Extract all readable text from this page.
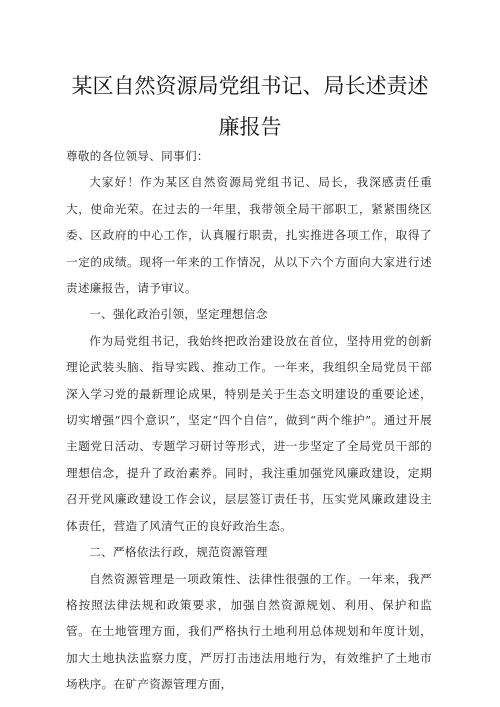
某区自然资源局党组书记、局长述责述
廉报告

尊敬的各位领导、同事们：

大家好！作为某区自然资源局党组书记、局长，我深感责任重大，使命光荣。在过去的一年里，我带领全局干部职工，紧紧围绕区委、区政府的中心工作，认真履行职责，扎实推进各项工作，取得了一定的成绩。现将一年来的工作情况，从以下六个方面向大家进行述责述廉报告，请予审议。

一、强化政治引领，坚定理想信念

作为局党组书记，我始终把政治建设放在首位，坚持用党的创新理论武装头脑、指导实践、推动工作。一年来，我组织全局党员干部深入学习党的最新理论成果，特别是关于生态文明建设的重要论述，切实增强“四个意识”，坚定“四个自信”，做到“两个维护”。通过开展主题党日活动、专题学习研讨等形式，进一步坚定了全局党员干部的理想信念，提升了政治素养。同时，我注重加强党风廉政建设，定期召开党风廉政建设工作会议，层层签订责任书，压实党风廉政建设主体责任，营造了风清气正的良好政治生态。

二、严格依法行政，规范资源管理

自然资源管理是一项政策性、法律性很强的工作。一年来，我严格按照法律法规和政策要求，加强自然资源规划、利用、保护和监管。在土地管理方面，我们严格执行土地利用总体规划和年度计划，加大土地执法监察力度，严厉打击违法用地行为，有效维护了土地市场秩序。在矿产资源管理方面，
